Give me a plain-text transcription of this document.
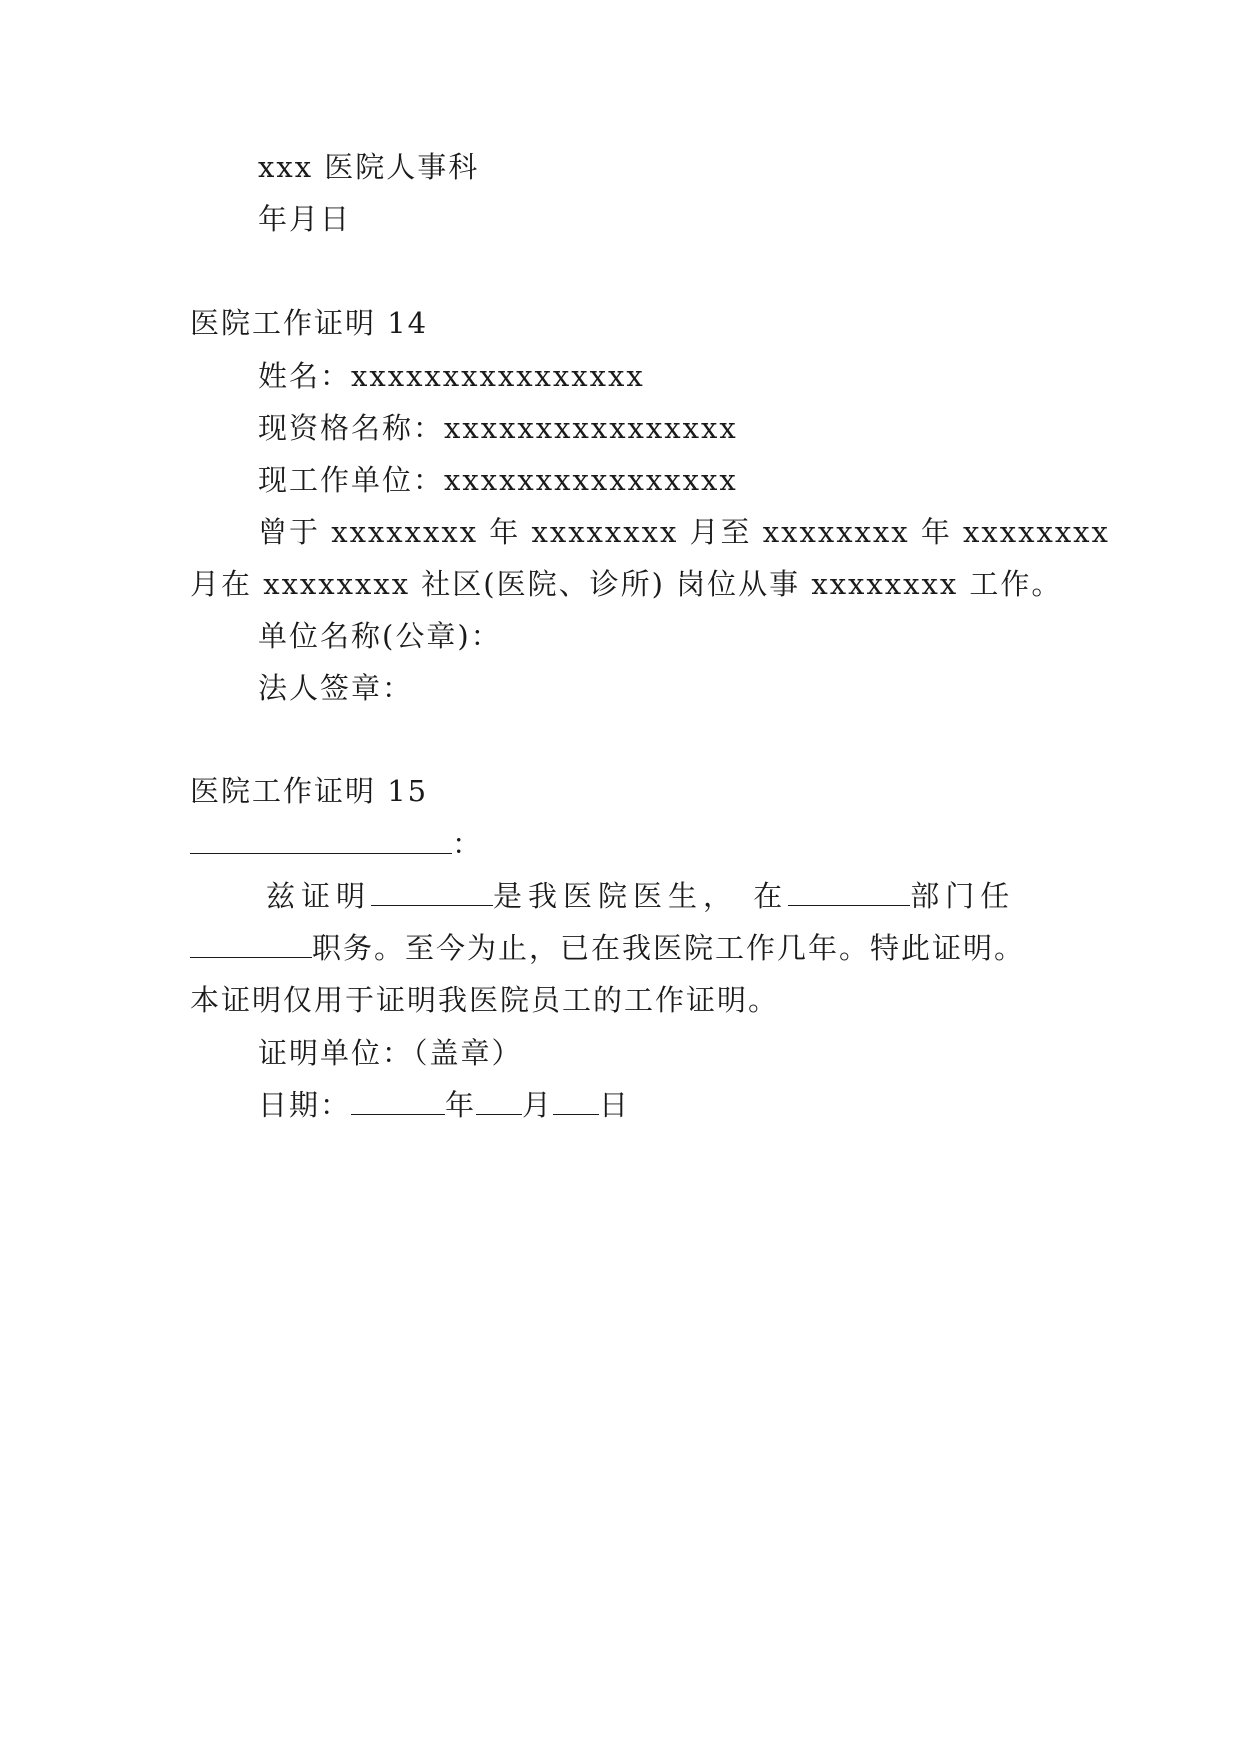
xxx 医院人事科
年月日
医院工作证明 14
姓名：xxxxxxxxxxxxxxxx
现资格名称：xxxxxxxxxxxxxxxx
现工作单位：xxxxxxxxxxxxxxxx
曾于 xxxxxxxx 年 xxxxxxxx 月至 xxxxxxxx 年 xxxxxxxx
月在 xxxxxxxx 社区(医院、诊所) 岗位从事 xxxxxxxx 工作。
单位名称(公章)：
法人签章：
医院工作证明 15
：
兹证明	是我医院医生， 在	部门任
职务。至今为止，已在我医院工作几年。特此证明。
本证明仅用于证明我医院员工的工作证明。
证明单位：（盖章）
日期：	年 月 日
